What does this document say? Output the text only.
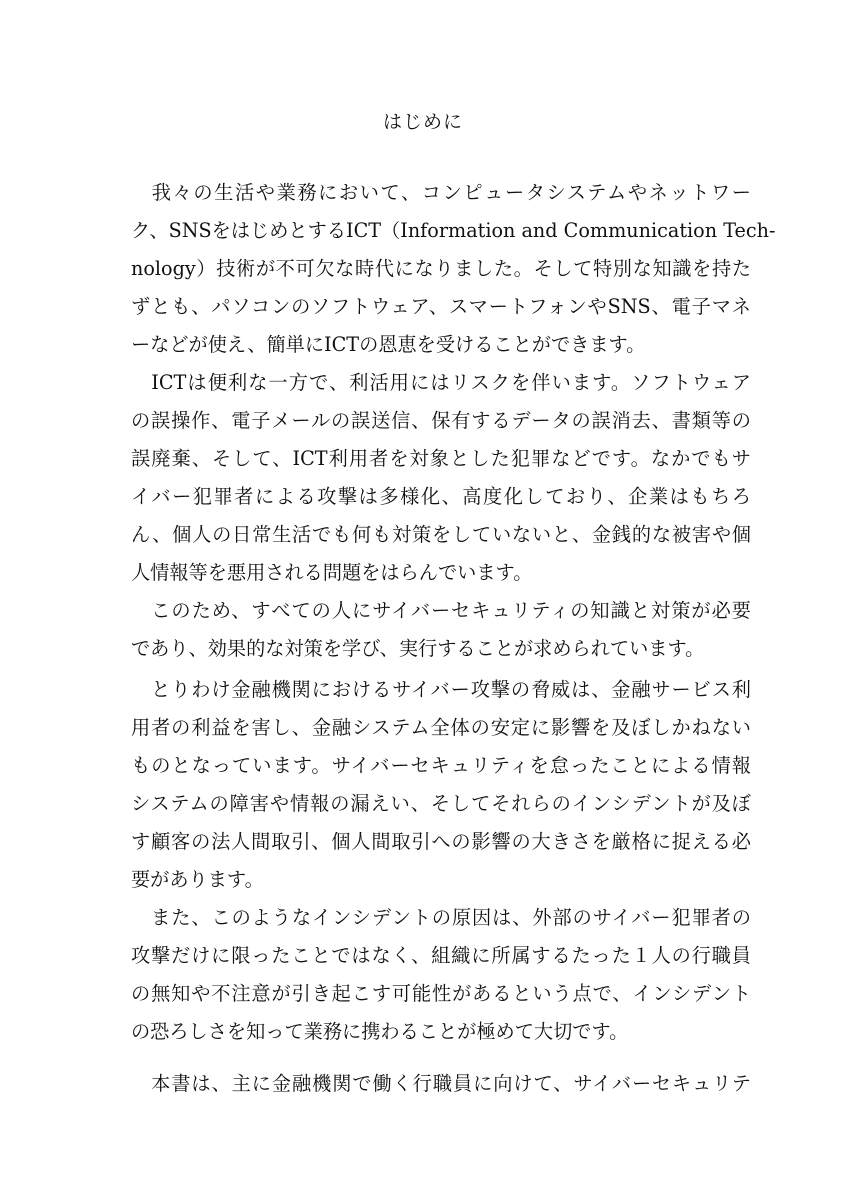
はじめに
　我々の生活や業務において、コンピュータシステムやネットワー
ク、SNSをはじめとするICT（Information and Communication Tech-
nology）技術が不可欠な時代になりました。そして特別な知識を持た
ずとも、パソコンのソフトウェア、スマートフォンやSNS、電子マネ
ーなどが使え、簡単にICTの恩恵を受けることができます。
　ICTは便利な一方で、利活用にはリスクを伴います。ソフトウェア
の誤操作、電子メールの誤送信、保有するデータの誤消去、書類等の
誤廃棄、そして、ICT利用者を対象とした犯罪などです。なかでもサ
イバー犯罪者による攻撃は多様化、高度化しており、企業はもちろ
ん、個人の日常生活でも何も対策をしていないと、金銭的な被害や個
人情報等を悪用される問題をはらんでいます。
　このため、すべての人にサイバーセキュリティの知識と対策が必要
であり、効果的な対策を学び、実行することが求められています。
　とりわけ金融機関におけるサイバー攻撃の脅威は、金融サービス利
用者の利益を害し、金融システム全体の安定に影響を及ぼしかねない
ものとなっています。サイバーセキュリティを怠ったことによる情報
システムの障害や情報の漏えい、そしてそれらのインシデントが及ぼ
す顧客の法人間取引、個人間取引への影響の大きさを厳格に捉える必
要があります。
　また、このようなインシデントの原因は、外部のサイバー犯罪者の
攻撃だけに限ったことではなく、組織に所属するたった１人の行職員
の無知や不注意が引き起こす可能性があるという点で、インシデント
の恐ろしさを知って業務に携わることが極めて大切です。
　本書は、主に金融機関で働く行職員に向けて、サイバーセキュリテ
